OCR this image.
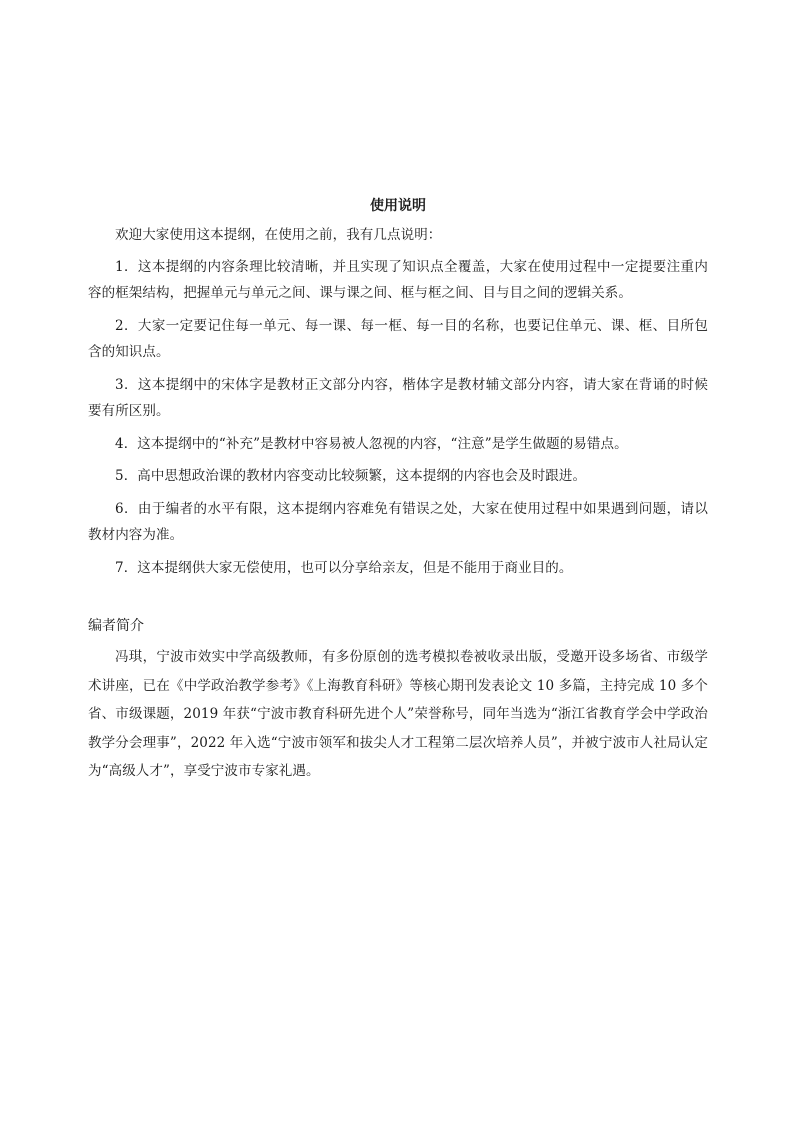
使用说明

欢迎大家使用这本提纲，在使用之前，我有几点说明：

1．这本提纲的内容条理比较清晰，并且实现了知识点全覆盖，大家在使用过程中一定提要注重内容的框架结构，把握单元与单元之间、课与课之间、框与框之间、目与目之间的逻辑关系。

2．大家一定要记住每一单元、每一课、每一框、每一目的名称，也要记住单元、课、框、目所包含的知识点。

3．这本提纲中的宋体字是教材正文部分内容，楷体字是教材辅文部分内容，请大家在背诵的时候要有所区别。

4．这本提纲中的“补充”是教材中容易被人忽视的内容，“注意”是学生做题的易错点。

5．高中思想政治课的教材内容变动比较频繁，这本提纲的内容也会及时跟进。

6．由于编者的水平有限，这本提纲内容难免有错误之处，大家在使用过程中如果遇到问题，请以教材内容为准。

7．这本提纲供大家无偿使用，也可以分享给亲友，但是不能用于商业目的。

编者简介

冯琪，宁波市效实中学高级教师，有多份原创的选考模拟卷被收录出版，受邀开设多场省、市级学术讲座，已在《中学政治教学参考》《上海教育科研》等核心期刊发表论文 10 多篇，主持完成 10 多个省、市级课题，2019 年获“宁波市教育科研先进个人”荣誉称号，同年当选为“浙江省教育学会中学政治教学分会理事”，2022 年入选“宁波市领军和拔尖人才工程第二层次培养人员”，并被宁波市人社局认定为“高级人才”，享受宁波市专家礼遇。
